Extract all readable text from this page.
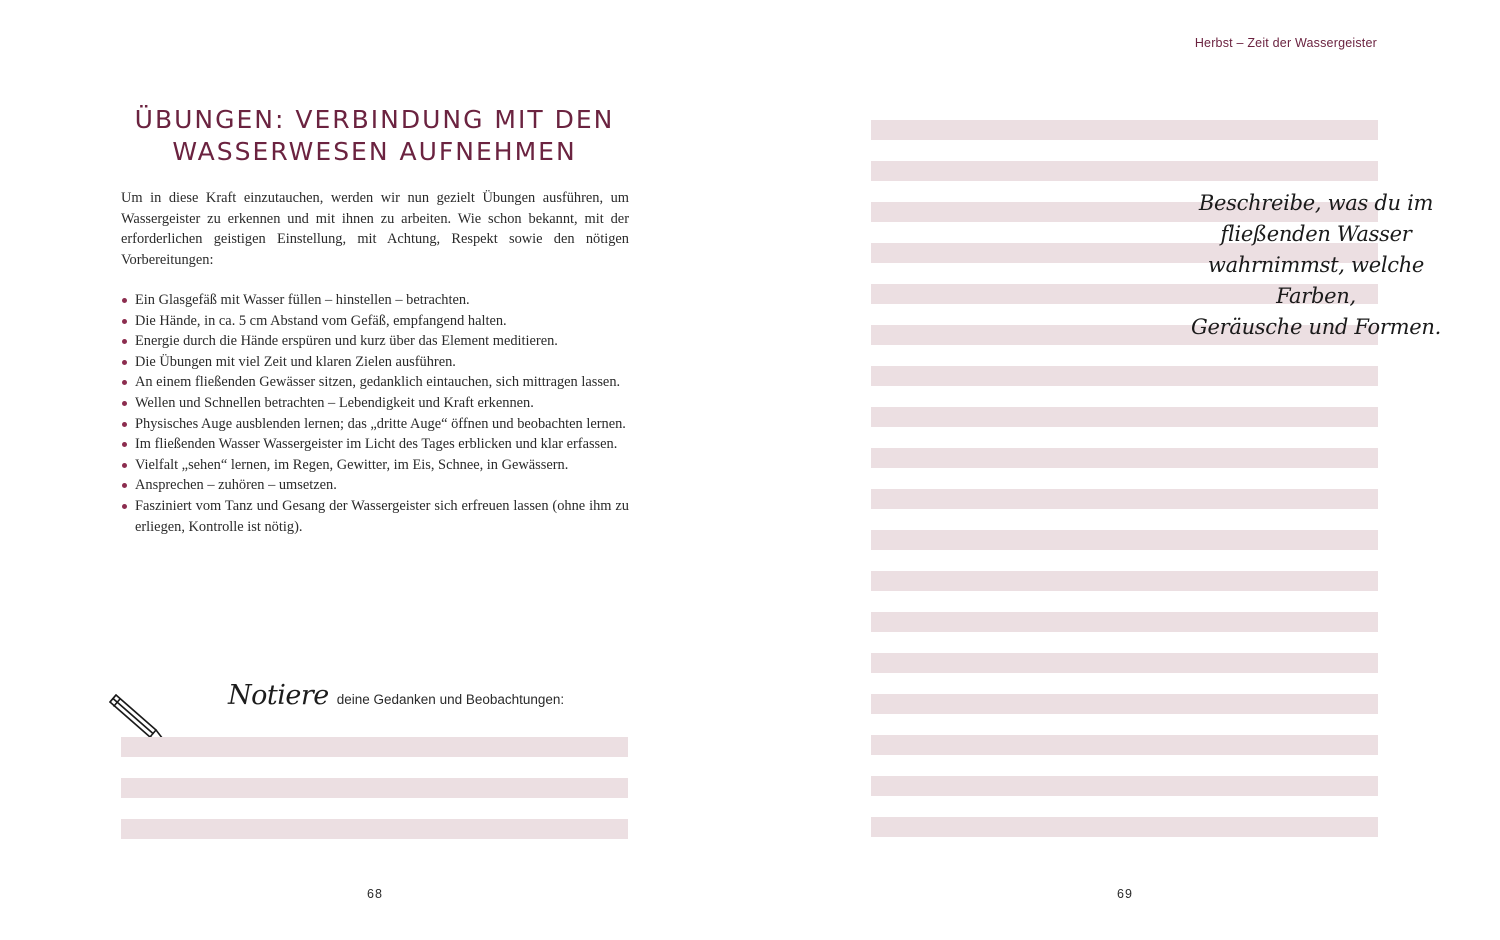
ÜBUNGEN: VERBINDUNG MIT DEN
WASSERWESEN AUFNEHMEN

Um in diese Kraft einzutauchen, werden wir nun gezielt Übungen ausführen, um Wassergeister zu erkennen und mit ihnen zu arbeiten. Wie schon bekannt, mit der erforderlichen geistigen Einstellung, mit Achtung, Respekt sowie den nötigen Vorbereitungen:

Ein Glasgefäß mit Wasser füllen – hinstellen – betrachten.
Die Hände, in ca. 5 cm Abstand vom Gefäß, empfangend halten.
Energie durch die Hände erspüren und kurz über das Element meditieren.
Die Übungen mit viel Zeit und klaren Zielen ausführen.
An einem fließenden Gewässer sitzen, gedanklich eintauchen, sich mittragen lassen.
Wellen und Schnellen betrachten – Lebendigkeit und Kraft erkennen.
Physisches Auge ausblenden lernen; das „dritte Auge“ öffnen und beobachten lernen.
Im fließenden Wasser Wassergeister im Licht des Tages erblicken und klar erfassen.
Vielfalt „sehen“ lernen, im Regen, Gewitter, im Eis, Schnee, in Gewässern.
Ansprechen – zuhören – umsetzen.
Fasziniert vom Tanz und Gesang der Wassergeister sich erfreuen lassen (ohne ihm zu erliegen, Kontrolle ist nötig).
Notiere deine Gedanken und Beobachtungen:
68
Herbst – Zeit der Wassergeister

Beschreibe, was du im
fließenden Wasser
wahrnimmst, welche Farben,
Geräusche und Formen.

69
